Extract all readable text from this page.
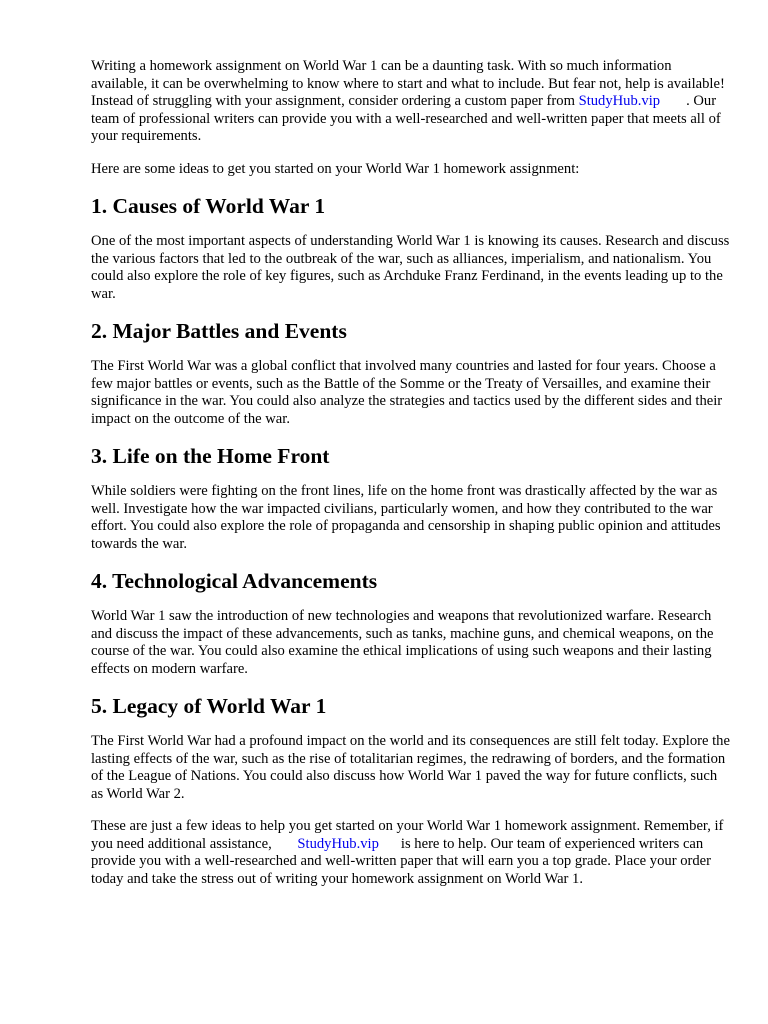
Writing a homework assignment on World War 1 can be a daunting task. With so much information available, it can be overwhelming to know where to start and what to include. But fear not, help is available! Instead of struggling with your assignment, consider ordering a custom paper from StudyHub.vip . Our team of professional writers can provide you with a well-researched and well-written paper that meets all of your requirements.

Here are some ideas to get you started on your World War 1 homework assignment:

1. Causes of World War 1

One of the most important aspects of understanding World War 1 is knowing its causes. Research and discuss the various factors that led to the outbreak of the war, such as alliances, imperialism, and nationalism. You could also explore the role of key figures, such as Archduke Franz Ferdinand, in the events leading up to the war.

2. Major Battles and Events

The First World War was a global conflict that involved many countries and lasted for four years. Choose a few major battles or events, such as the Battle of the Somme or the Treaty of Versailles, and examine their significance in the war. You could also analyze the strategies and tactics used by the different sides and their impact on the outcome of the war.

3. Life on the Home Front

While soldiers were fighting on the front lines, life on the home front was drastically affected by the war as well. Investigate how the war impacted civilians, particularly women, and how they contributed to the war effort. You could also explore the role of propaganda and censorship in shaping public opinion and attitudes towards the war.

4. Technological Advancements

World War 1 saw the introduction of new technologies and weapons that revolutionized warfare. Research and discuss the impact of these advancements, such as tanks, machine guns, and chemical weapons, on the course of the war. You could also examine the ethical implications of using such weapons and their lasting effects on modern warfare.

5. Legacy of World War 1

The First World War had a profound impact on the world and its consequences are still felt today. Explore the lasting effects of the war, such as the rise of totalitarian regimes, the redrawing of borders, and the formation of the League of Nations. You could also discuss how World War 1 paved the way for future conflicts, such as World War 2.

These are just a few ideas to help you get started on your World War 1 homework assignment. Remember, if you need additional assistance, StudyHub.vip is here to help. Our team of experienced writers can provide you with a well-researched and well-written paper that will earn you a top grade. Place your order today and take the stress out of writing your homework assignment on World War 1.
